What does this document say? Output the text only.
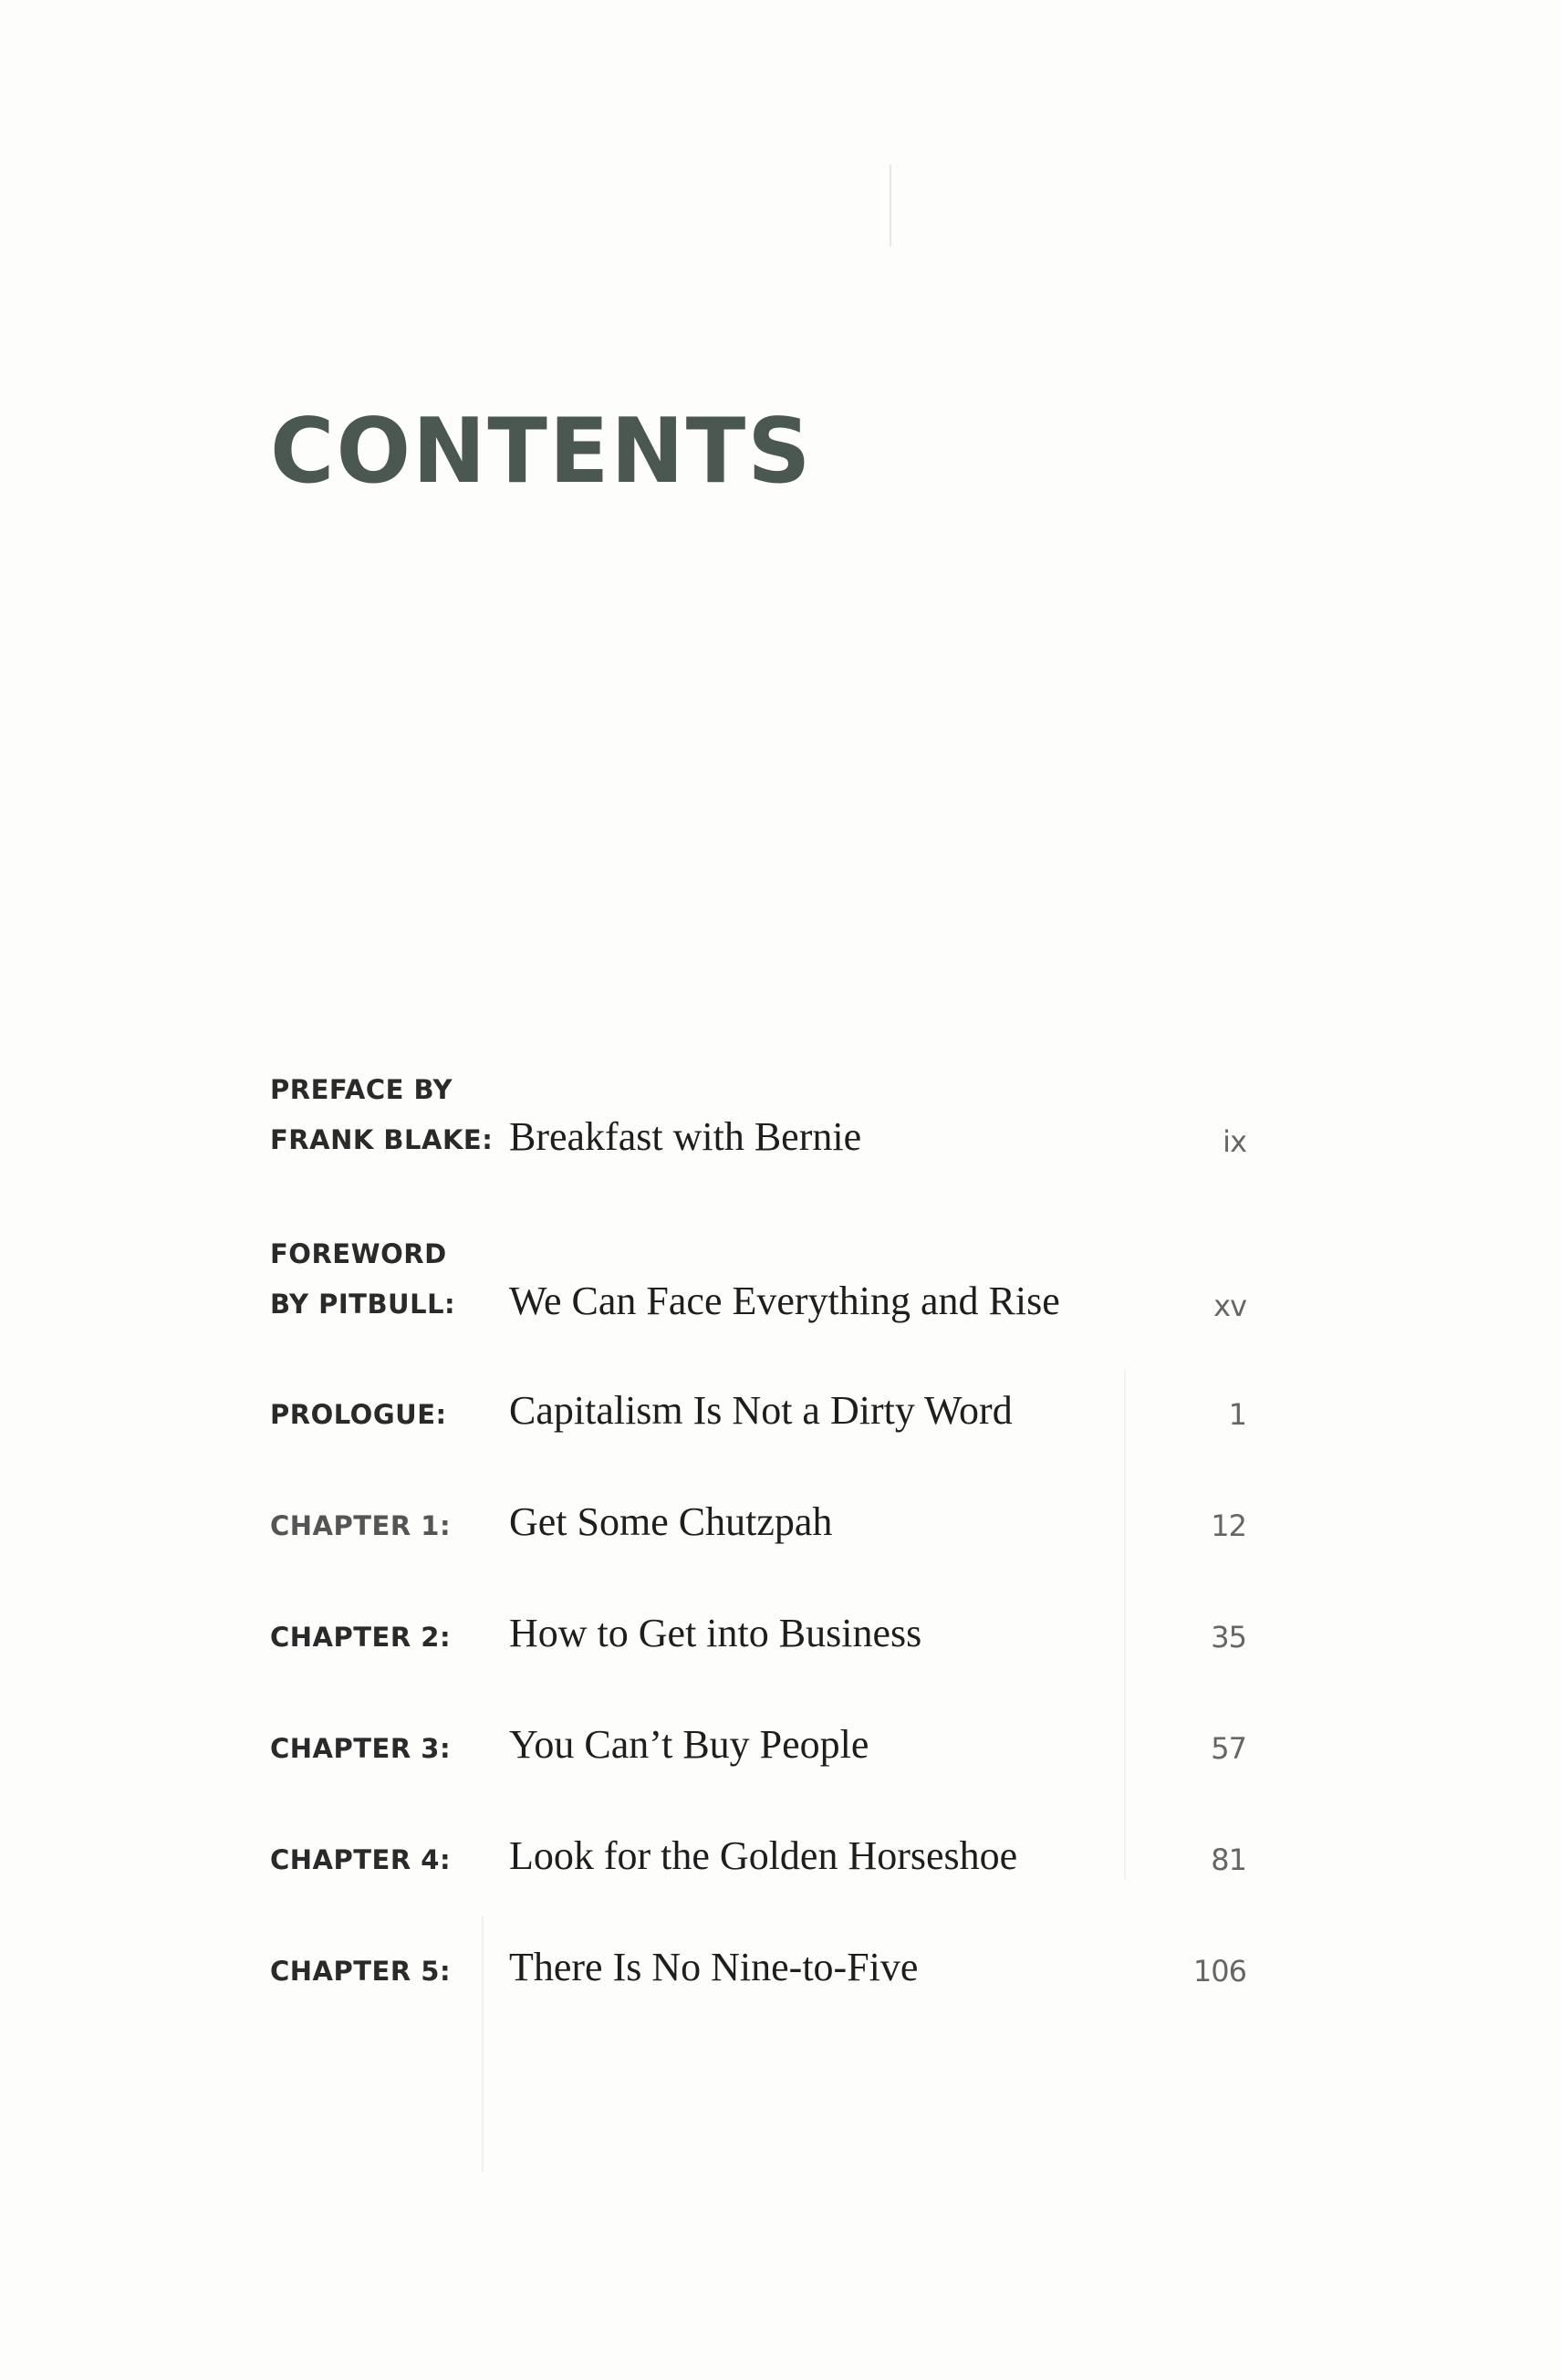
CONTENTS
PREFACE BY
FRANK BLAKE: Breakfast with Bernie	ix
FOREWORD
BY PITBULL: We Can Face Everything and Rise	xv
PROLOGUE: Capitalism Is Not a Dirty Word	1
CHAPTER 1: Get Some Chutzpah	12
CHAPTER 2: How to Get into Business	35
CHAPTER 3: You Can’t Buy People	57
CHAPTER 4: Look for the Golden Horseshoe	81
CHAPTER 5: There Is No Nine-to-Five	106
